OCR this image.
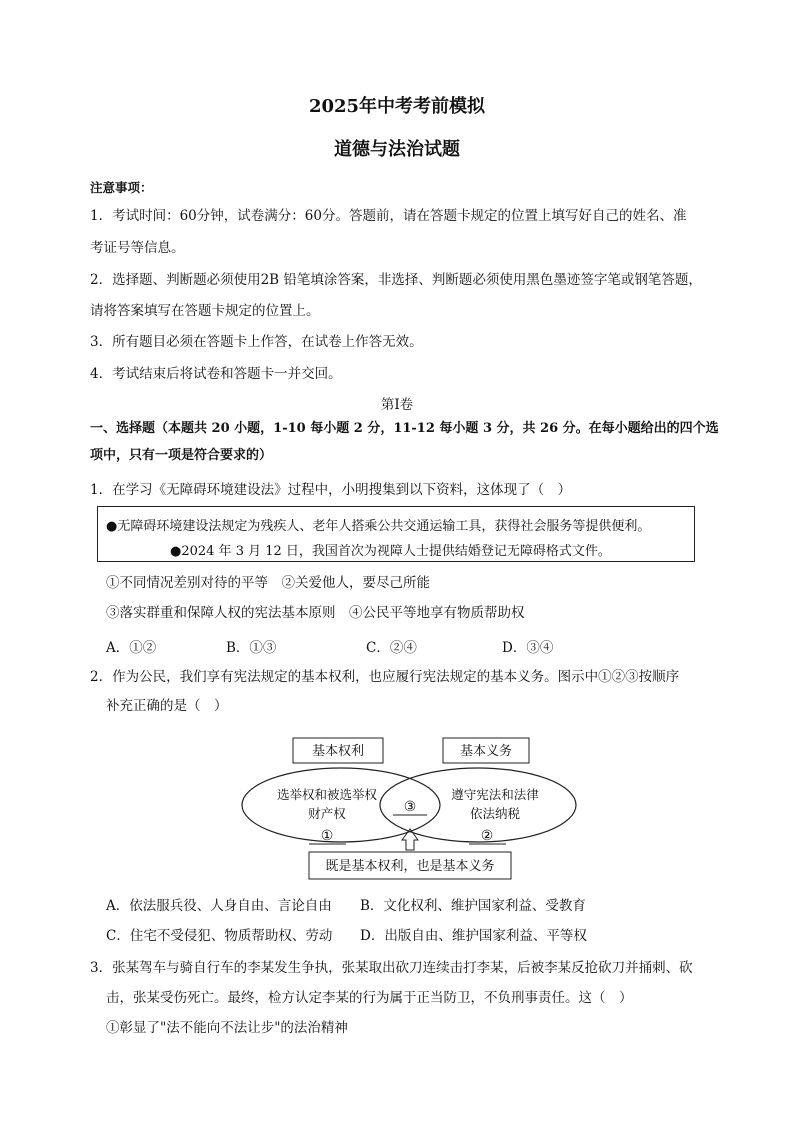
2025年中考考前模拟
道德与法治试题
注意事项：
1．考试时间：60分钟，试卷满分：60分。答题前，请在答题卡规定的位置上填写好自己的姓名、准
考证号等信息。
2．选择题、判断题必须使用2B 铅笔填涂答案，非选择、判断题必须使用黑色墨迹签字笔或钢笔答题，
请将答案填写在答题卡规定的位置上。
3．所有题目必须在答题卡上作答，在试卷上作答无效。
4．考试结束后将试卷和答题卡一并交回。
第Ⅰ卷
一、选择题（本题共 20 小题，1-10 每小题 2 分，11-12 每小题 3 分，共 26 分。在每小题给出的四个选
项中，只有一项是符合要求的）
1．在学习《无障碍环境建设法》过程中，小明搜集到以下资料，这体现了（　）
●无障碍环境建设法规定为残疾人、老年人搭乘公共交通运输工具，获得社会服务等提供便利。
●2024 年 3 月 12 日，我国首次为视障人士提供结婚登记无障碍格式文件。
①不同情况差别对待的平等　②关爱他人，要尽己所能
③落实群重和保障人权的宪法基本原则　④公民平等地享有物质帮助权
A．①②	B．①③	C．②④	D．③④
2．作为公民，我们享有宪法规定的基本权利，也应履行宪法规定的基本义务。图示中①②③按顺序
补充正确的是（　）
基本权利	基本义务
选举权和被选举权
财产权
①
遵守宪法和法律
依法纳税
②
③
既是基本权利，也是基本义务
A．依法服兵役、人身自由、言论自由 B．文化权利、维护国家利益、受教育
C．住宅不受侵犯、物质帮助权、劳动 D．出版自由、维护国家利益、平等权
3．张某驾车与骑自行车的李某发生争执，张某取出砍刀连续击打李某，后被李某反抢砍刀并捅刺、砍
击，张某受伤死亡。最终，检方认定李某的行为属于正当防卫，不负刑事责任。这（　）
①彰显了"法不能向不法让步"的法治精神
